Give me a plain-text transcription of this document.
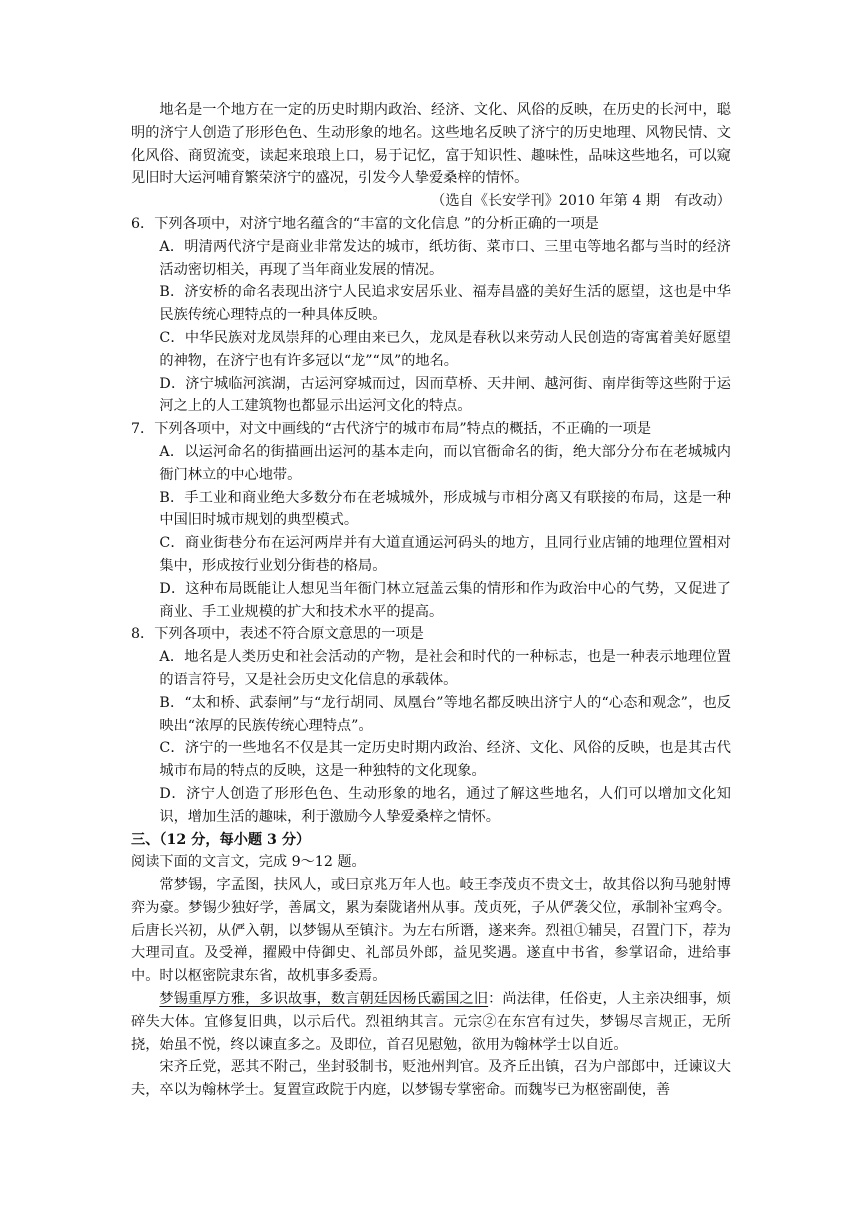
地名是一个地方在一定的历史时期内政治、经济、文化、风俗的反映，在历史的长河中，聪明的济宁人创造了形形色色、生动形象的地名。这些地名反映了济宁的历史地理、风物民情、文化风俗、商贸流变，读起来琅琅上口，易于记忆，富于知识性、趣味性，品味这些地名，可以窥见旧时大运河哺育繁荣济宁的盛况，引发今人挚爱桑梓的情怀。

（选自《长安学刊》2010 年第 4 期　有改动）

6．下列各项中，对济宁地名蕴含的“丰富的文化信息 ”的分析正确的一项是

A．明清两代济宁是商业非常发达的城市，纸坊街、菜市口、三里屯等地名都与当时的经济活动密切相关，再现了当年商业发展的情况。

B．济安桥的命名表现出济宁人民追求安居乐业、福寿昌盛的美好生活的愿望，这也是中华民族传统心理特点的一种具体反映。

C．中华民族对龙凤崇拜的心理由来已久，龙凤是春秋以来劳动人民创造的寄寓着美好愿望的神物，在济宁也有许多冠以“龙”“凤”的地名。

D．济宁城临河滨湖，古运河穿城而过，因而草桥、天井闸、越河街、南岸街等这些附于运河之上的人工建筑物也都显示出运河文化的特点。

7．下列各项中，对文中画线的“古代济宁的城市布局”特点的概括，不正确的一项是

A．以运河命名的街描画出运河的基本走向，而以官衙命名的街，绝大部分分布在老城城内衙门林立的中心地带。

B．手工业和商业绝大多数分布在老城城外，形成城与市相分离又有联接的布局，这是一种中国旧时城市规划的典型模式。

C．商业街巷分布在运河两岸并有大道直通运河码头的地方，且同行业店铺的地理位置相对集中，形成按行业划分街巷的格局。

D．这种布局既能让人想见当年衙门林立冠盖云集的情形和作为政治中心的气势，又促进了商业、手工业规模的扩大和技术水平的提高。

8．下列各项中，表述不符合原文意思的一项是

A．地名是人类历史和社会活动的产物，是社会和时代的一种标志，也是一种表示地理位置的语言符号，又是社会历史文化信息的承载体。

B．“太和桥、武泰闸”与“龙行胡同、凤凰台”等地名都反映出济宁人的“心态和观念”，也反映出“浓厚的民族传统心理特点”。

C．济宁的一些地名不仅是其一定历史时期内政治、经济、文化、风俗的反映，也是其古代城市布局的特点的反映，这是一种独特的文化现象。

D．济宁人创造了形形色色、生动形象的地名，通过了解这些地名，人们可以增加文化知识，增加生活的趣味，利于激励今人挚爱桑梓之情怀。

三、（12 分，每小题 3 分）

阅读下面的文言文，完成 9～12 题。

常梦锡，字孟图，扶风人，或曰京兆万年人也。岐王李茂贞不贵文士，故其俗以狗马驰射博弈为豪。梦锡少独好学，善属文，累为秦陇诸州从事。茂贞死，子从俨袭父位，承制补宝鸡令。后唐长兴初，从俨入朝，以梦锡从至镇汴。为左右所谮，遂来奔。烈祖①辅吴，召置门下，荐为大理司直。及受禅，擢殿中侍御史、礼部员外郎，益见奖遇。遂直中书省，参掌诏命，进给事中。时以枢密院隶东省，故机事多委焉。

梦锡重厚方雅，多识故事，数言朝廷因杨氏霸国之旧：尚法律，任俗吏，人主亲决细事，烦碎失大体。宜修复旧典，以示后代。烈祖纳其言。元宗②在东宫有过失，梦锡尽言规正，无所挠，始虽不悦，终以谏直多之。及即位，首召见慰勉，欲用为翰林学士以自近。

宋齐丘党，恶其不附己，坐封驳制书，贬池州判官。及齐丘出镇，召为户部郎中，迁谏议大夫，卒以为翰林学士。复置宣政院于内庭，以梦锡专掌密命。而魏岑已为枢密副使，善
